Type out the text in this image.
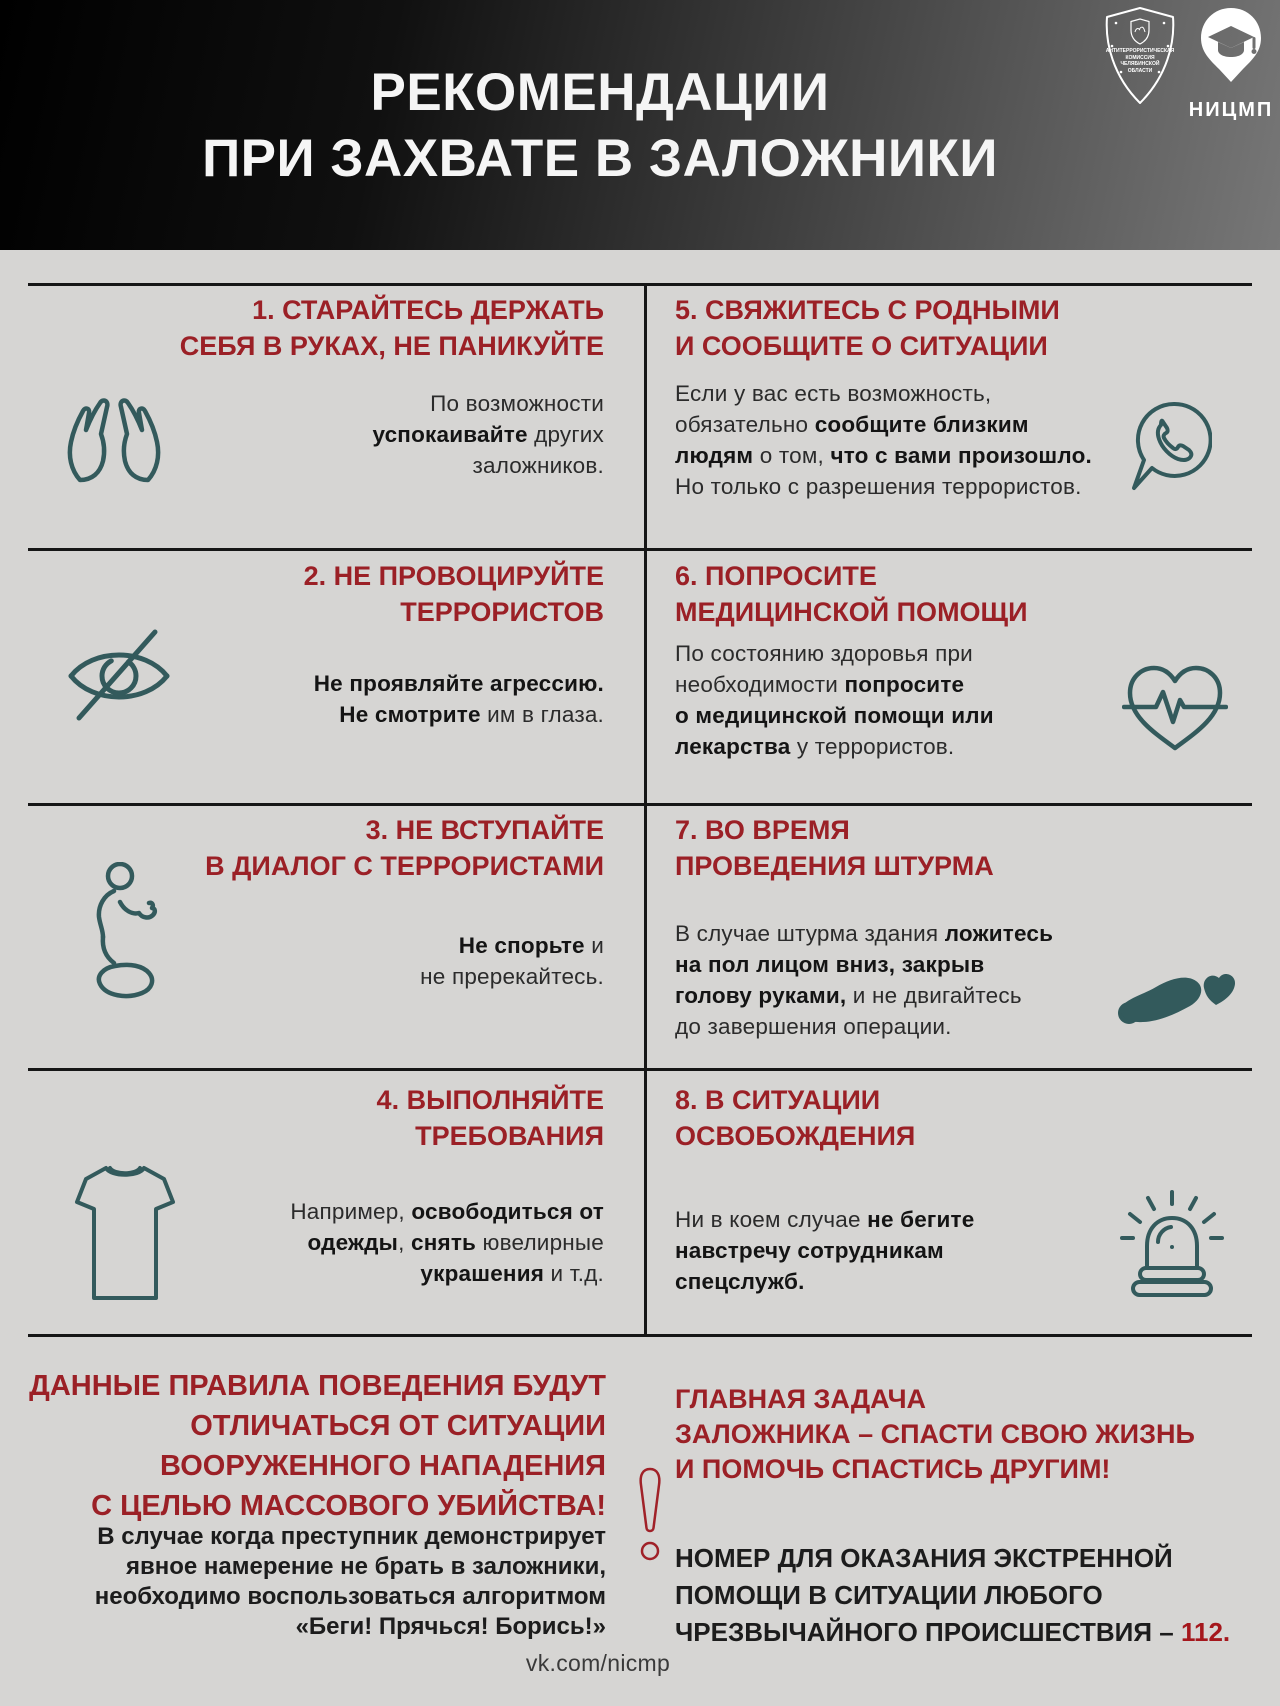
РЕКОМЕНДАЦИИ
ПРИ ЗАХВАТЕ В ЗАЛОЖНИКИ
АНТИТЕРРОРИСТИЧЕСКАЯ
КОМИССИЯ
ЧЕЛЯБИНСКОЙ
ОБЛАСТИ
НИЦМП
1. СТАРАЙТЕСЬ ДЕРЖАТЬ
СЕБЯ В РУКАХ, НЕ ПАНИКУЙТЕ

По возможности
успокаивайте других
заложников.

5. СВЯЖИТЕСЬ С РОДНЫМИ
И СООБЩИТЕ О СИТУАЦИИ

Если у вас есть возможность,
обязательно сообщите близким
людям о том, что с вами произошло.
Но только с разрешения террористов.

2. НЕ ПРОВОЦИРУЙТЕ
ТЕРРОРИСТОВ

Не проявляйте агрессию.
Не смотрите им в глаза.

6. ПОПРОСИТЕ
МЕДИЦИНСКОЙ ПОМОЩИ

По состоянию здоровья при
необходимости попросите
о медицинской помощи или
лекарства у террористов.

3. НЕ ВСТУПАЙТЕ
В ДИАЛОГ С ТЕРРОРИСТАМИ

Не спорьте и
не пререкайтесь.

7. ВО ВРЕМЯ
ПРОВЕДЕНИЯ ШТУРМА

В случае штурма здания ложитесь
на пол лицом вниз, закрыв
голову руками, и не двигайтесь
до завершения операции.

4. ВЫПОЛНЯЙТЕ
ТРЕБОВАНИЯ

Например, освободиться от
одежды, снять ювелирные
украшения и т.д.

8. В СИТУАЦИИ
ОСВОБОЖДЕНИЯ

Ни в коем случае не бегите
навстречу сотрудникам
спецслужб.

ДАННЫЕ ПРАВИЛА ПОВЕДЕНИЯ БУДУТ
ОТЛИЧАТЬСЯ ОТ СИТУАЦИИ
ВООРУЖЕННОГО НАПАДЕНИЯ
С ЦЕЛЬЮ МАССОВОГО УБИЙСТВА!
В случае когда преступник демонстрирует
явное намерение не брать в заложники,
необходимо воспользоваться алгоритмом
«Беги! Прячься! Борись!»
ГЛАВНАЯ ЗАДАЧА
ЗАЛОЖНИКА – СПАСТИ СВОЮ ЖИЗНЬ
И ПОМОЧЬ СПАСТИСЬ ДРУГИМ!
НОМЕР ДЛЯ ОКАЗАНИЯ ЭКСТРЕННОЙ
ПОМОЩИ В СИТУАЦИИ ЛЮБОГО
ЧРЕЗВЫЧАЙНОГО ПРОИСШЕСТВИЯ – 112.
vk.com/nicmp
